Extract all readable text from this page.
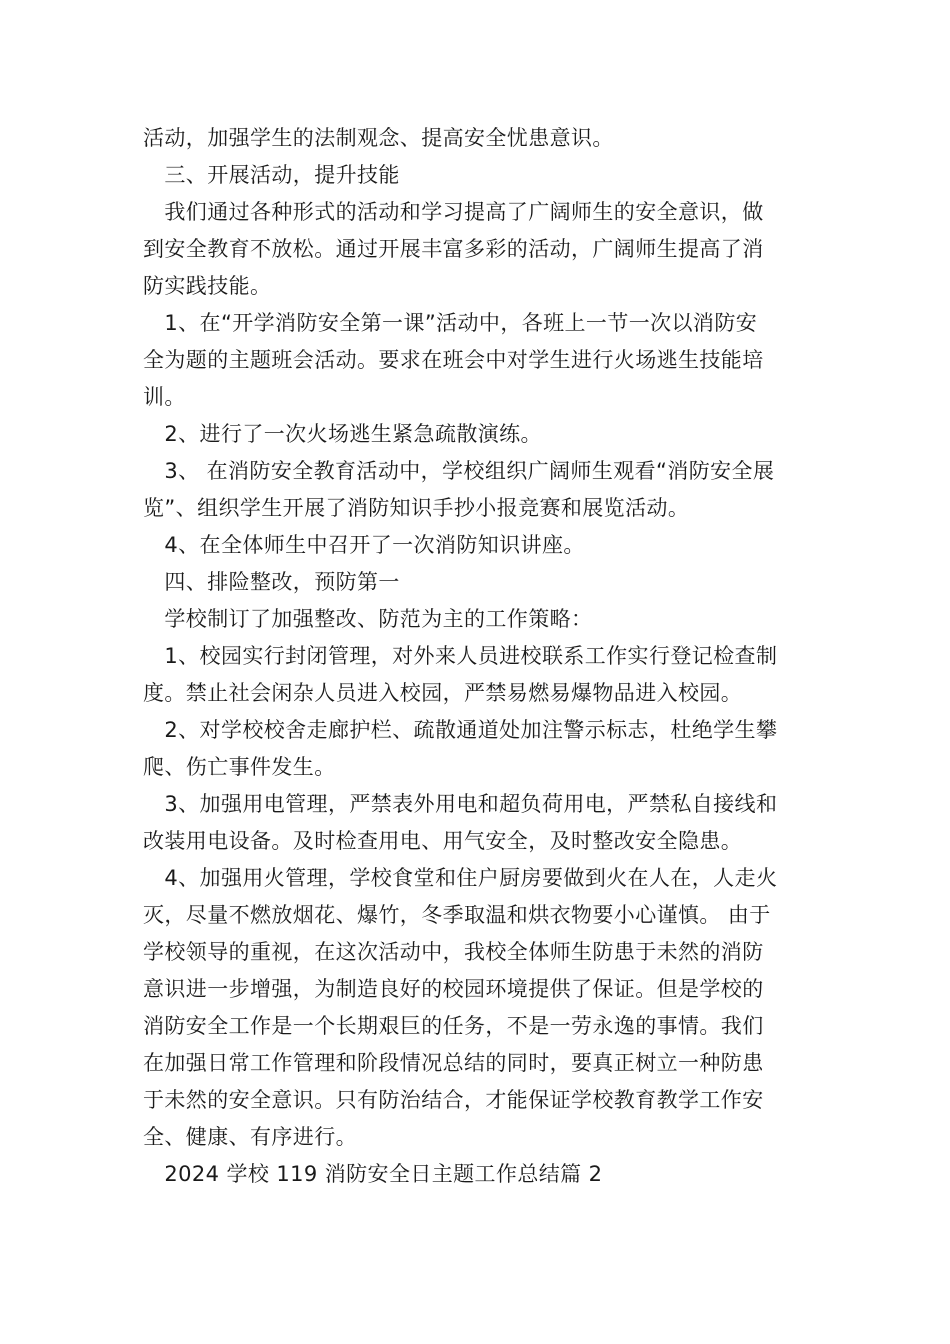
活动，加强学生的法制观念、提高安全忧患意识。
　三、开展活动，提升技能
　我们通过各种形式的活动和学习提高了广阔师生的安全意识，做
到安全教育不放松。通过开展丰富多彩的活动，广阔师生提高了消
防实践技能。
　1、在“开学消防安全第一课”活动中，各班上一节一次以消防安
全为题的主题班会活动。要求在班会中对学生进行火场逃生技能培
训。
　2、进行了一次火场逃生紧急疏散演练。
　3、 在消防安全教育活动中，学校组织广阔师生观看“消防安全展
览”、组织学生开展了消防知识手抄小报竞赛和展览活动。
　4、在全体师生中召开了一次消防知识讲座。
　四、排险整改，预防第一
　学校制订了加强整改、防范为主的工作策略：
　1、校园实行封闭管理，对外来人员进校联系工作实行登记检查制
度。禁止社会闲杂人员进入校园，严禁易燃易爆物品进入校园。
　2、对学校校舍走廊护栏、疏散通道处加注警示标志，杜绝学生攀
爬、伤亡事件发生。
　3、加强用电管理，严禁表外用电和超负荷用电，严禁私自接线和
改装用电设备。及时检查用电、用气安全，及时整改安全隐患。
　4、加强用火管理，学校食堂和住户厨房要做到火在人在，人走火
灭，尽量不燃放烟花、爆竹，冬季取温和烘衣物要小心谨慎。 由于
学校领导的重视，在这次活动中，我校全体师生防患于未然的消防
意识进一步增强，为制造良好的校园环境提供了保证。但是学校的
消防安全工作是一个长期艰巨的任务，不是一劳永逸的事情。我们
在加强日常工作管理和阶段情况总结的同时，要真正树立一种防患
于未然的安全意识。只有防治结合，才能保证学校教育教学工作安
全、健康、有序进行。
　2024 学校 119 消防安全日主题工作总结篇 2
